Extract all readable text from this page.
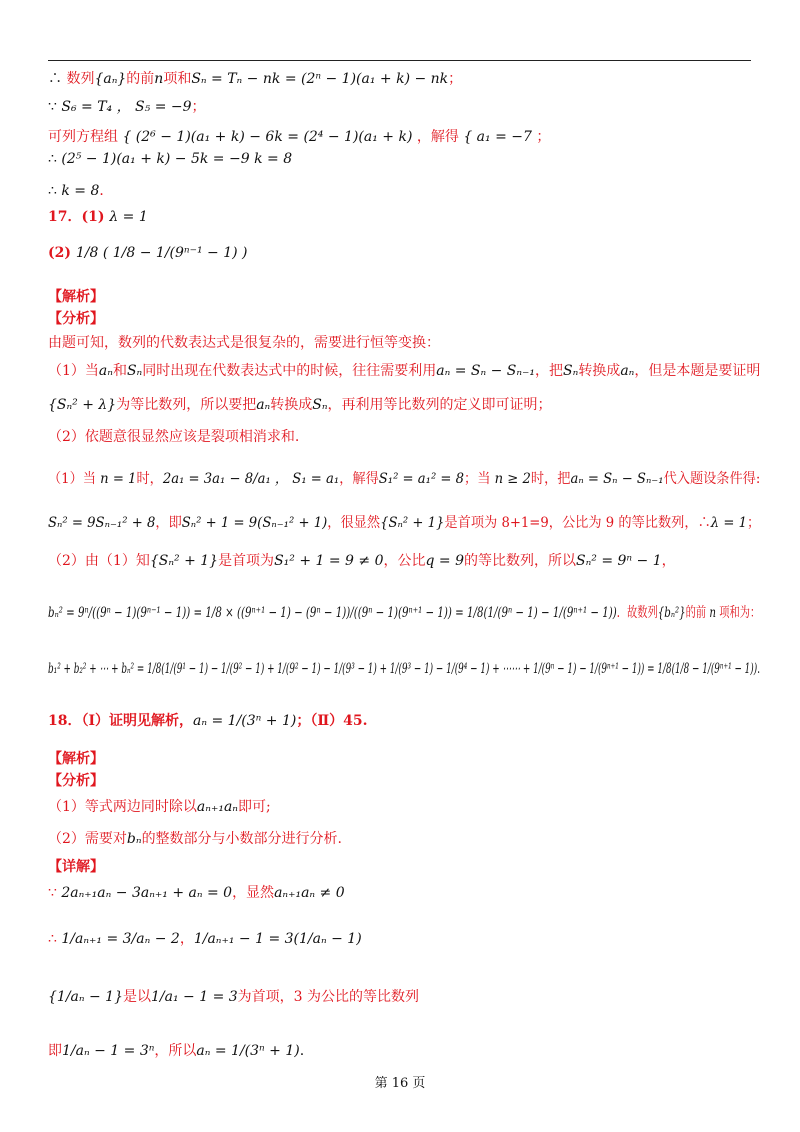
∴ 数列{aₙ}的前n项和Sₙ = Tₙ − nk = (2ⁿ − 1)(a₁ + k) − nk；
∵ S₆ = T₄ ， S₅ = −9；
可列方程组 { (2⁶ − 1)(a₁ + k) − 6k = (2⁴ − 1)(a₁ + k) ，解得 { a₁ = −7 ；
∴ (2⁵ − 1)(a₁ + k) − 5k = −9 k = 8
∴ k = 8．
17．(1) λ = 1
(2) 1/8 ( 1/8 − 1/(9ⁿ⁻¹ − 1) )
【解析】
【分析】
由题可知，数列的代数表达式是很复杂的，需要进行恒等变换：
（1）当aₙ和Sₙ同时出现在代数表达式中的时候，往往需要利用aₙ = Sₙ − Sₙ₋₁，把Sₙ转换成aₙ，但是本题是要证明
{Sₙ² + λ}为等比数列，所以要把aₙ转换成Sₙ，再利用等比数列的定义即可证明；
（2）依题意很显然应该是裂项相消求和.
（1）当 n = 1时，2a₁ = 3a₁ − 8/a₁ ， S₁ = a₁，解得S₁² = a₁² = 8；当 n ≥ 2时，把aₙ = Sₙ − Sₙ₋₁代入题设条件得:
Sₙ² = 9Sₙ₋₁² + 8，即Sₙ² + 1 = 9(Sₙ₋₁² + 1)，很显然{Sₙ² + 1}是首项为 8+1=9，公比为 9 的等比数列，∴λ = 1；
（2）由（1）知{Sₙ² + 1}是首项为S₁² + 1 = 9 ≠ 0，公比q = 9的等比数列，所以Sₙ² = 9ⁿ − 1，
bₙ² = 9ⁿ/((9ⁿ − 1)(9ⁿ⁻¹ − 1)) = 1/8 × ((9ⁿ⁺¹ − 1) − (9ⁿ − 1))/((9ⁿ − 1)(9ⁿ⁺¹ − 1)) = 1/8(1/(9ⁿ − 1) − 1/(9ⁿ⁺¹ − 1))．故数列{bₙ²}的前 n 项和为：
b₁² + b₂² + ⋯ + bₙ² = 1/8(1/(9¹ − 1) − 1/(9² − 1) + 1/(9² − 1) − 1/(9³ − 1) + 1/(9³ − 1) − 1/(9⁴ − 1) + ⋯⋯ + 1/(9ⁿ − 1) − 1/(9ⁿ⁺¹ − 1)) = 1/8(1/8 − 1/(9ⁿ⁺¹ − 1)).
18．（Ⅰ）证明见解析，aₙ = 1/(3ⁿ + 1)；（Ⅱ）45.
【解析】
【分析】
（1）等式两边同时除以aₙ₊₁aₙ即可;
（2）需要对bₙ的整数部分与小数部分进行分析.
【详解】
∵ 2aₙ₊₁aₙ − 3aₙ₊₁ + aₙ = 0，显然aₙ₊₁aₙ ≠ 0
∴ 1/aₙ₊₁ = 3/aₙ − 2，1/aₙ₊₁ − 1 = 3(1/aₙ − 1)
{1/aₙ − 1}是以1/a₁ − 1 = 3为首项，3 为公比的等比数列
即1/aₙ − 1 = 3ⁿ，所以aₙ = 1/(3ⁿ + 1).
第 16 页
